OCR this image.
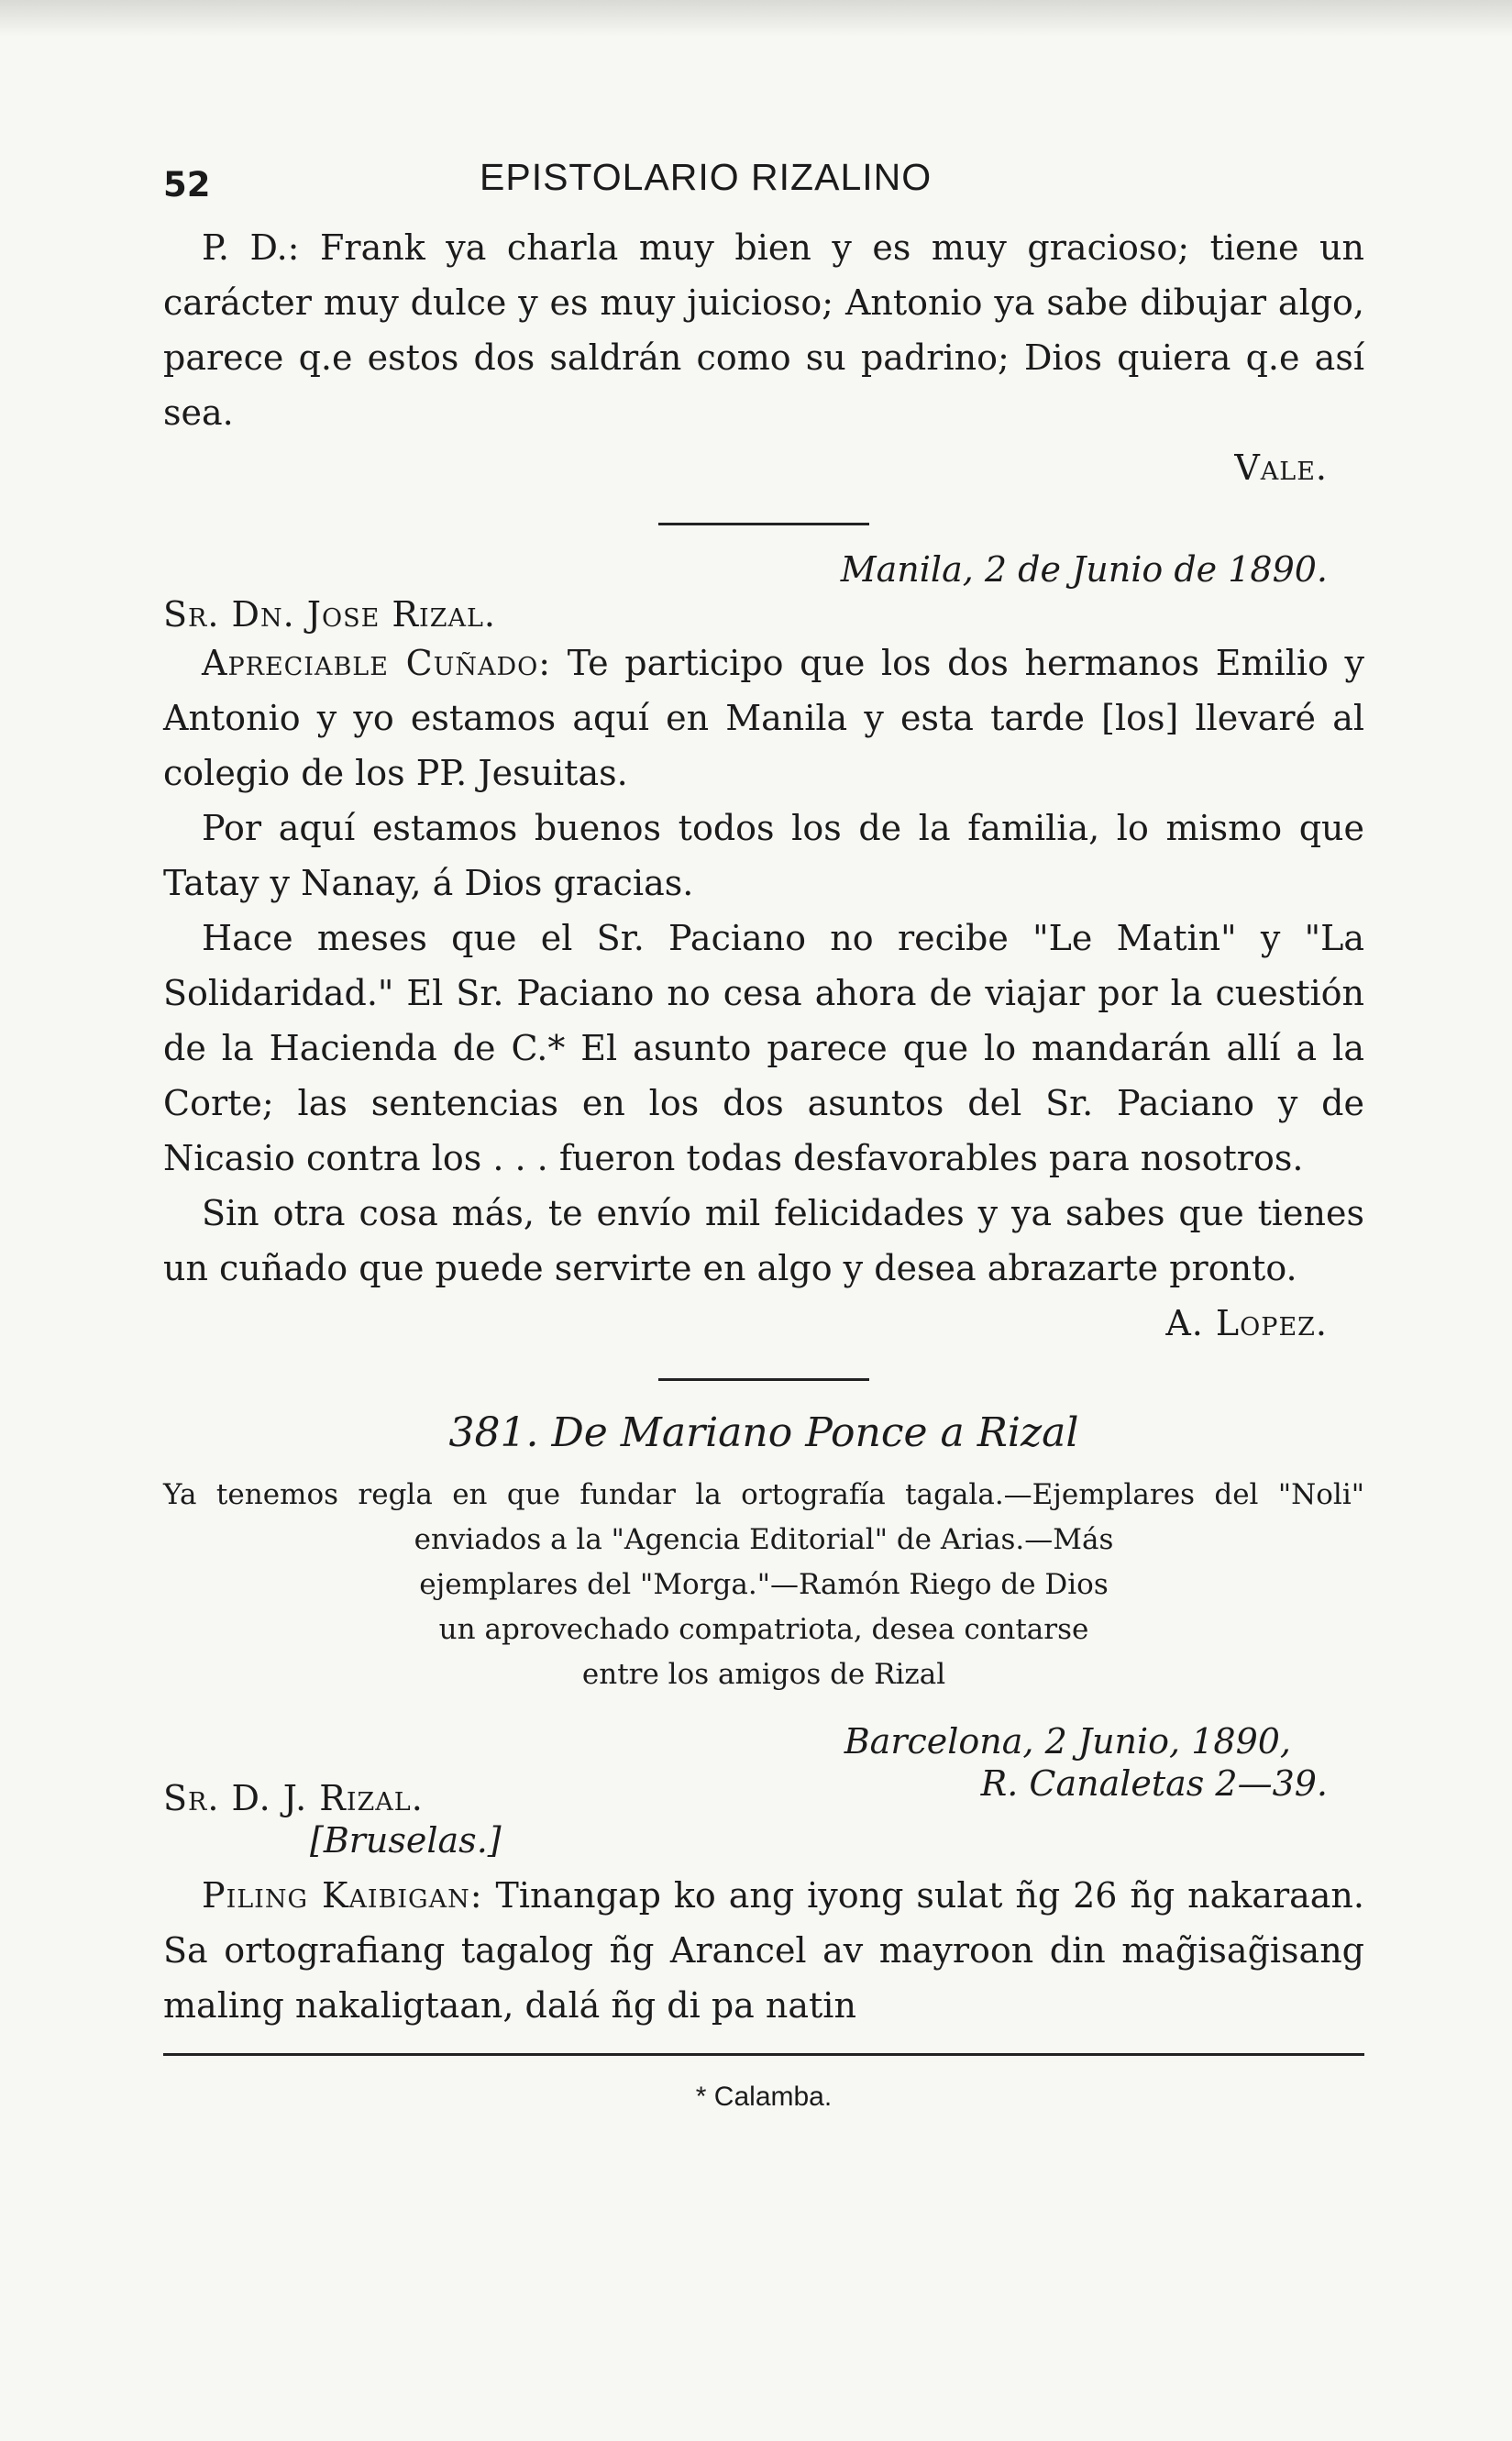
52	EPISTOLARIO RIZALINO

P. D.: Frank ya charla muy bien y es muy gracioso; tiene un carácter muy dulce y es muy juicioso; Antonio ya sabe dibujar algo, parece q.e estos dos saldrán como su padrino; Dios quiera q.e así sea.

Vale.

Manila, 2 de Junio de 1890.

Sr. Dn. Jose Rizal.

Apreciable Cuñado: Te participo que los dos hermanos Emilio y Antonio y yo estamos aquí en Manila y esta tarde [los] llevaré al colegio de los PP. Jesuitas.

Por aquí estamos buenos todos los de la familia, lo mismo que Tatay y Nanay, á Dios gracias.

Hace meses que el Sr. Paciano no recibe "Le Matin" y "La Solidaridad." El Sr. Paciano no cesa ahora de viajar por la cuestión de la Hacienda de C.* El asunto parece que lo mandarán allí a la Corte; las sentencias en los dos asuntos del Sr. Paciano y de Nicasio contra los . . . fueron todas desfavorables para nosotros.

Sin otra cosa más, te envío mil felicidades y ya sabes que tienes un cuñado que puede servirte en algo y desea abrazarte pronto.

A. Lopez.

381. De Mariano Ponce a Rizal

Ya tenemos regla en que fundar la ortografía tagala.—Ejemplares del "Noli" enviados a la "Agencia Editorial" de Arias.—Más

ejemplares del "Morga."—Ramón Riego de Dios

un aprovechado compatriota, desea contarse

entre los amigos de Rizal

Barcelona, 2 Junio, 1890,

Sr. D. J. Rizal.	R. Canaletas 2—39.

[Bruselas.]

Piling Kaibigan: Tinangap ko ang iyong sulat ñg 26 ñg nakaraan. Sa ortografiang tagalog ñg Arancel av mayroon din mag̃isag̃isang maling nakaligtaan, dalá ñg di pa natin

* Calamba.
